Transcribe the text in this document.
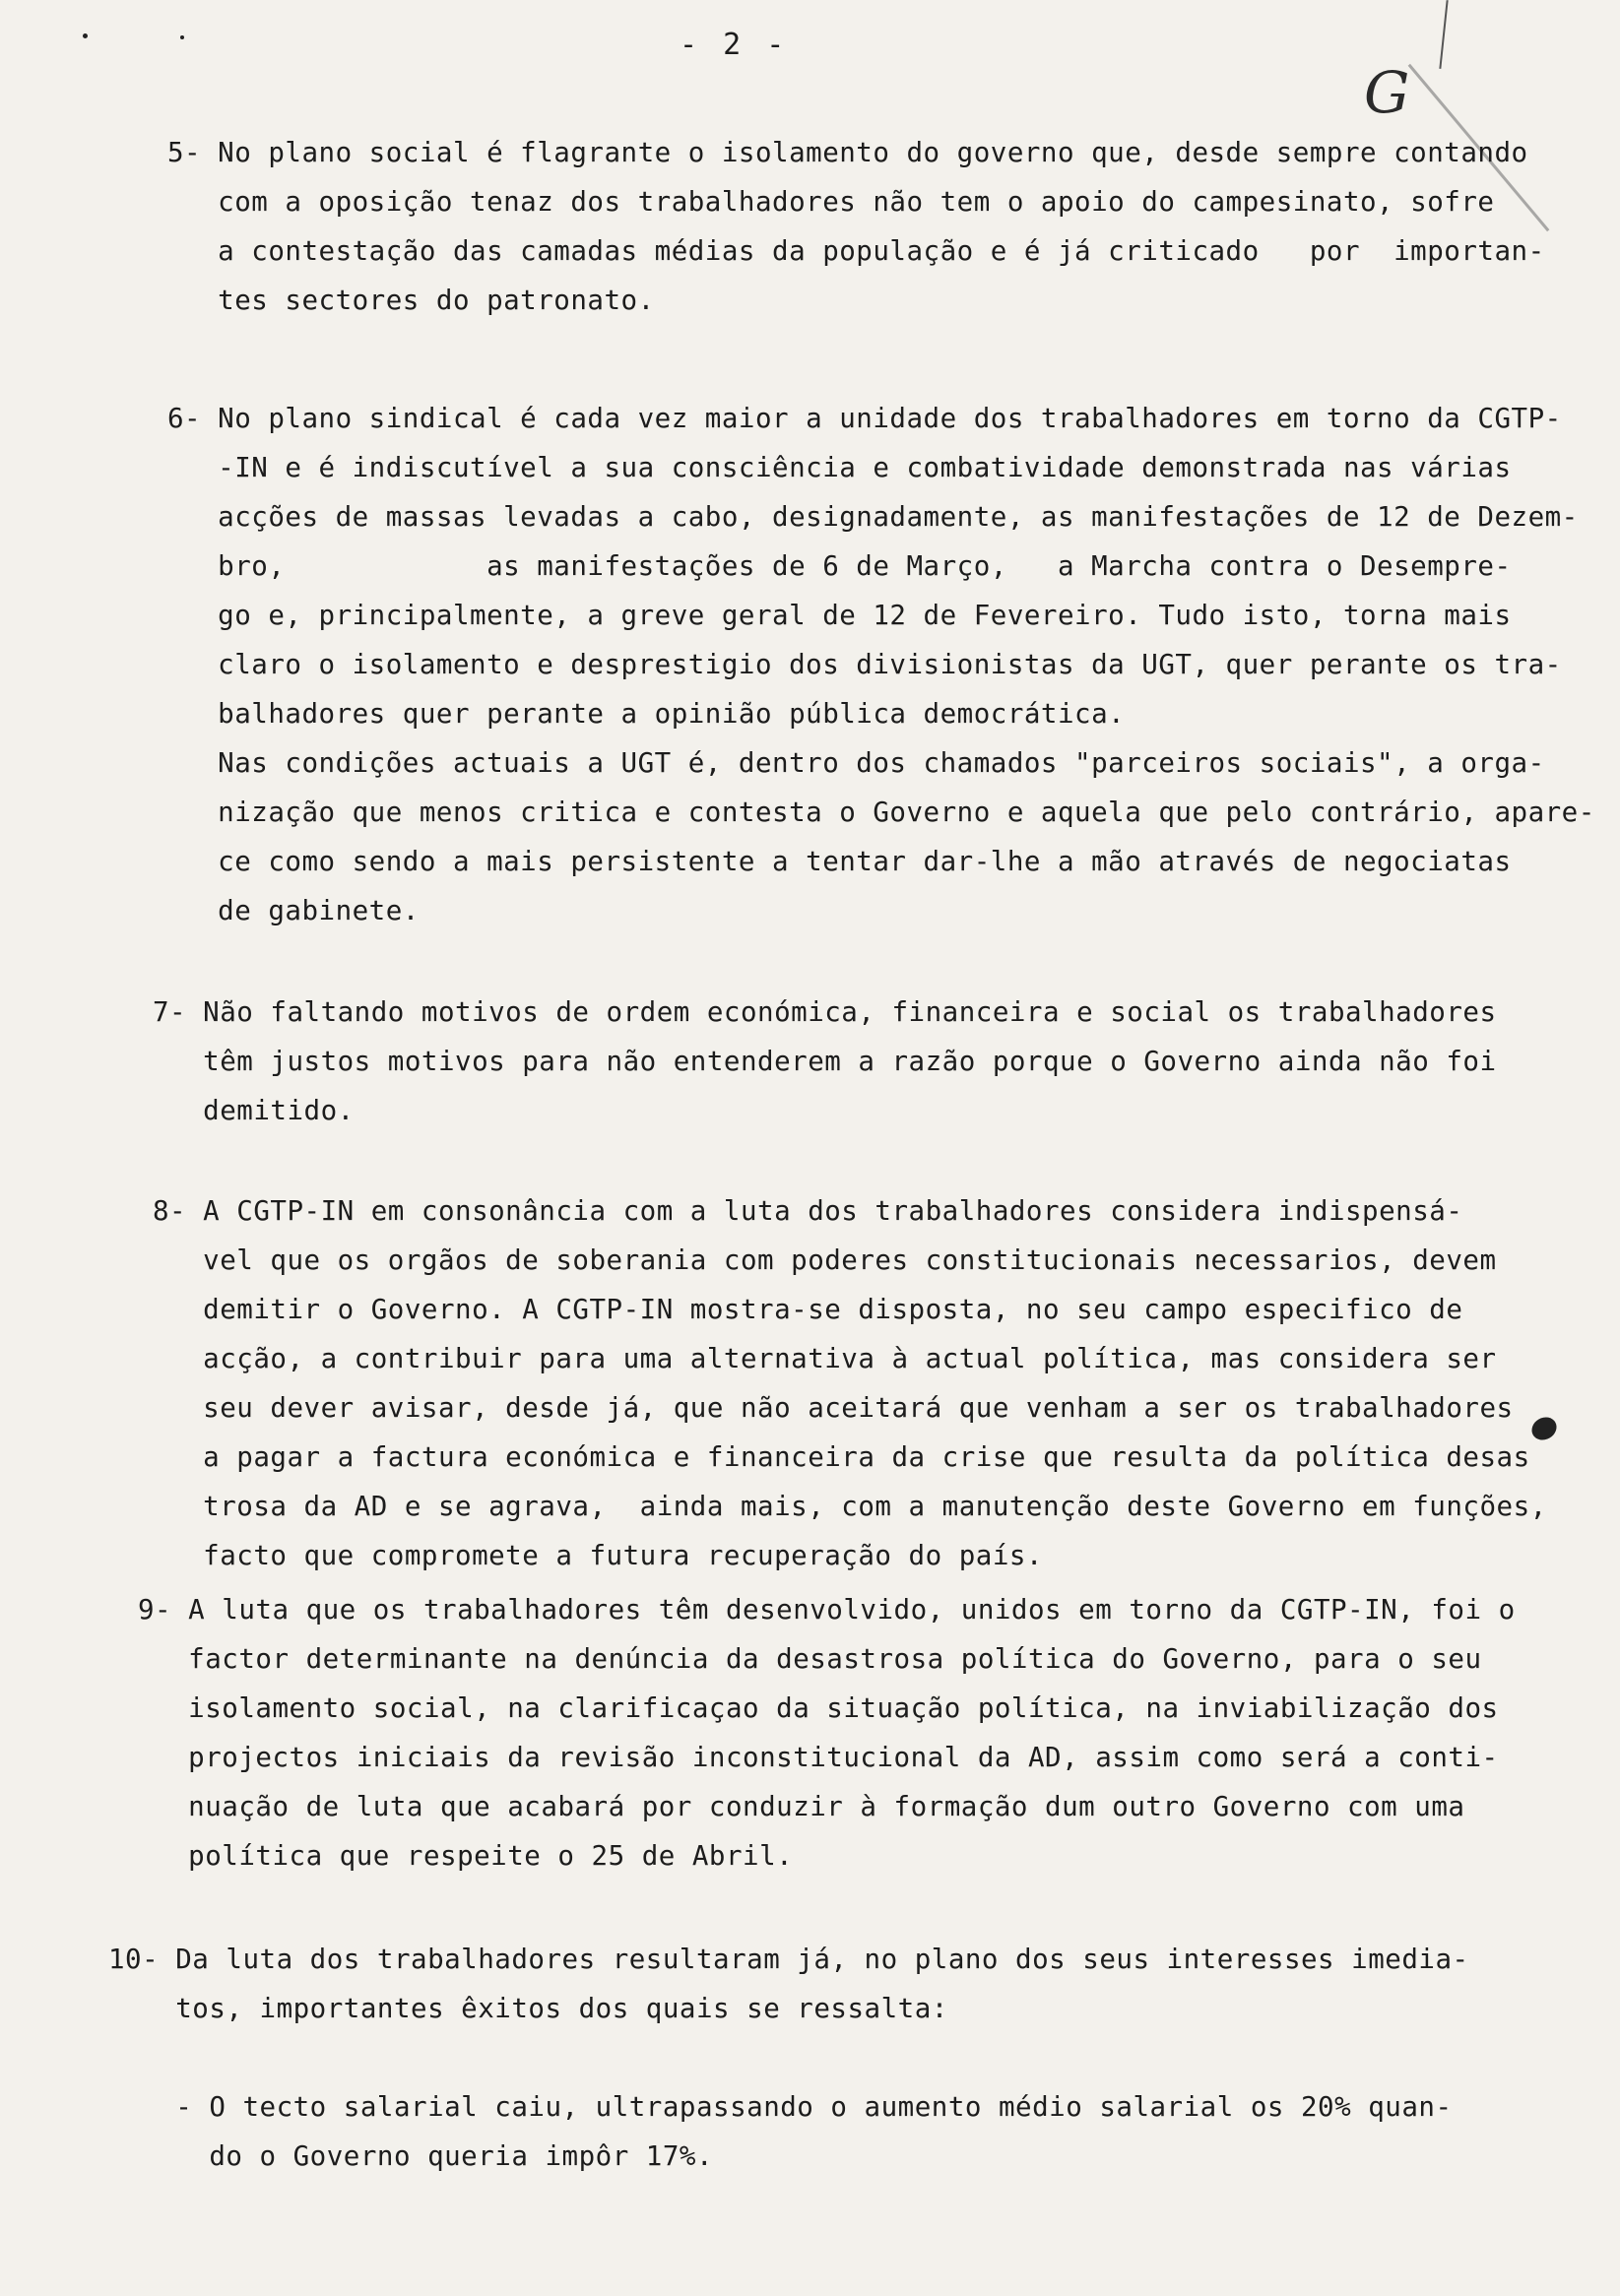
- 2 -
G
5- No plano social é flagrante o isolamento do governo que, desde sempre contando
com a oposição tenaz dos trabalhadores não tem o apoio do campesinato, sofre
a contestação das camadas médias da população e é já criticado   por  importan-
tes sectores do patronato.
6- No plano sindical é cada vez maior a unidade dos trabalhadores em torno da CGTP-
-IN e é indiscutível a sua consciência e combatividade demonstrada nas várias
acções de massas levadas a cabo, designadamente, as manifestações de 12 de Dezem-
bro,            as manifestações de 6 de Março,   a Marcha contra o Desempre-
go e, principalmente, a greve geral de 12 de Fevereiro. Tudo isto, torna mais
claro o isolamento e desprestigio dos divisionistas da UGT, quer perante os tra-
balhadores quer perante a opinião pública democrática.
Nas condições actuais a UGT é, dentro dos chamados "parceiros sociais", a orga-
nização que menos critica e contesta o Governo e aquela que pelo contrário, apare-
ce como sendo a mais persistente a tentar dar-lhe a mão através de negociatas
de gabinete.
7- Não faltando motivos de ordem económica, financeira e social os trabalhadores
têm justos motivos para não entenderem a razão porque o Governo ainda não foi
demitido.
8- A CGTP-IN em consonância com a luta dos trabalhadores considera indispensá-
vel que os orgãos de soberania com poderes constitucionais necessarios, devem
demitir o Governo. A CGTP-IN mostra-se disposta, no seu campo especifico de
acção, a contribuir para uma alternativa à actual política, mas considera ser
seu dever avisar, desde já, que não aceitará que venham a ser os trabalhadores
a pagar a factura económica e financeira da crise que resulta da política desas
trosa da AD e se agrava,  ainda mais, com a manutenção deste Governo em funções,
facto que compromete a futura recuperação do país.
9- A luta que os trabalhadores têm desenvolvido, unidos em torno da CGTP-IN, foi o
factor determinante na denúncia da desastrosa política do Governo, para o seu
isolamento social, na clarificaçao da situação política, na inviabilização dos
projectos iniciais da revisão inconstitucional da AD, assim como será a conti-
nuação de luta que acabará por conduzir à formação dum outro Governo com uma
política que respeite o 25 de Abril.
10- Da luta dos trabalhadores resultaram já, no plano dos seus interesses imedia-
tos, importantes êxitos dos quais se ressalta:

- O tecto salarial caiu, ultrapassando o aumento médio salarial os 20% quan-
do o Governo queria impôr 17%.
